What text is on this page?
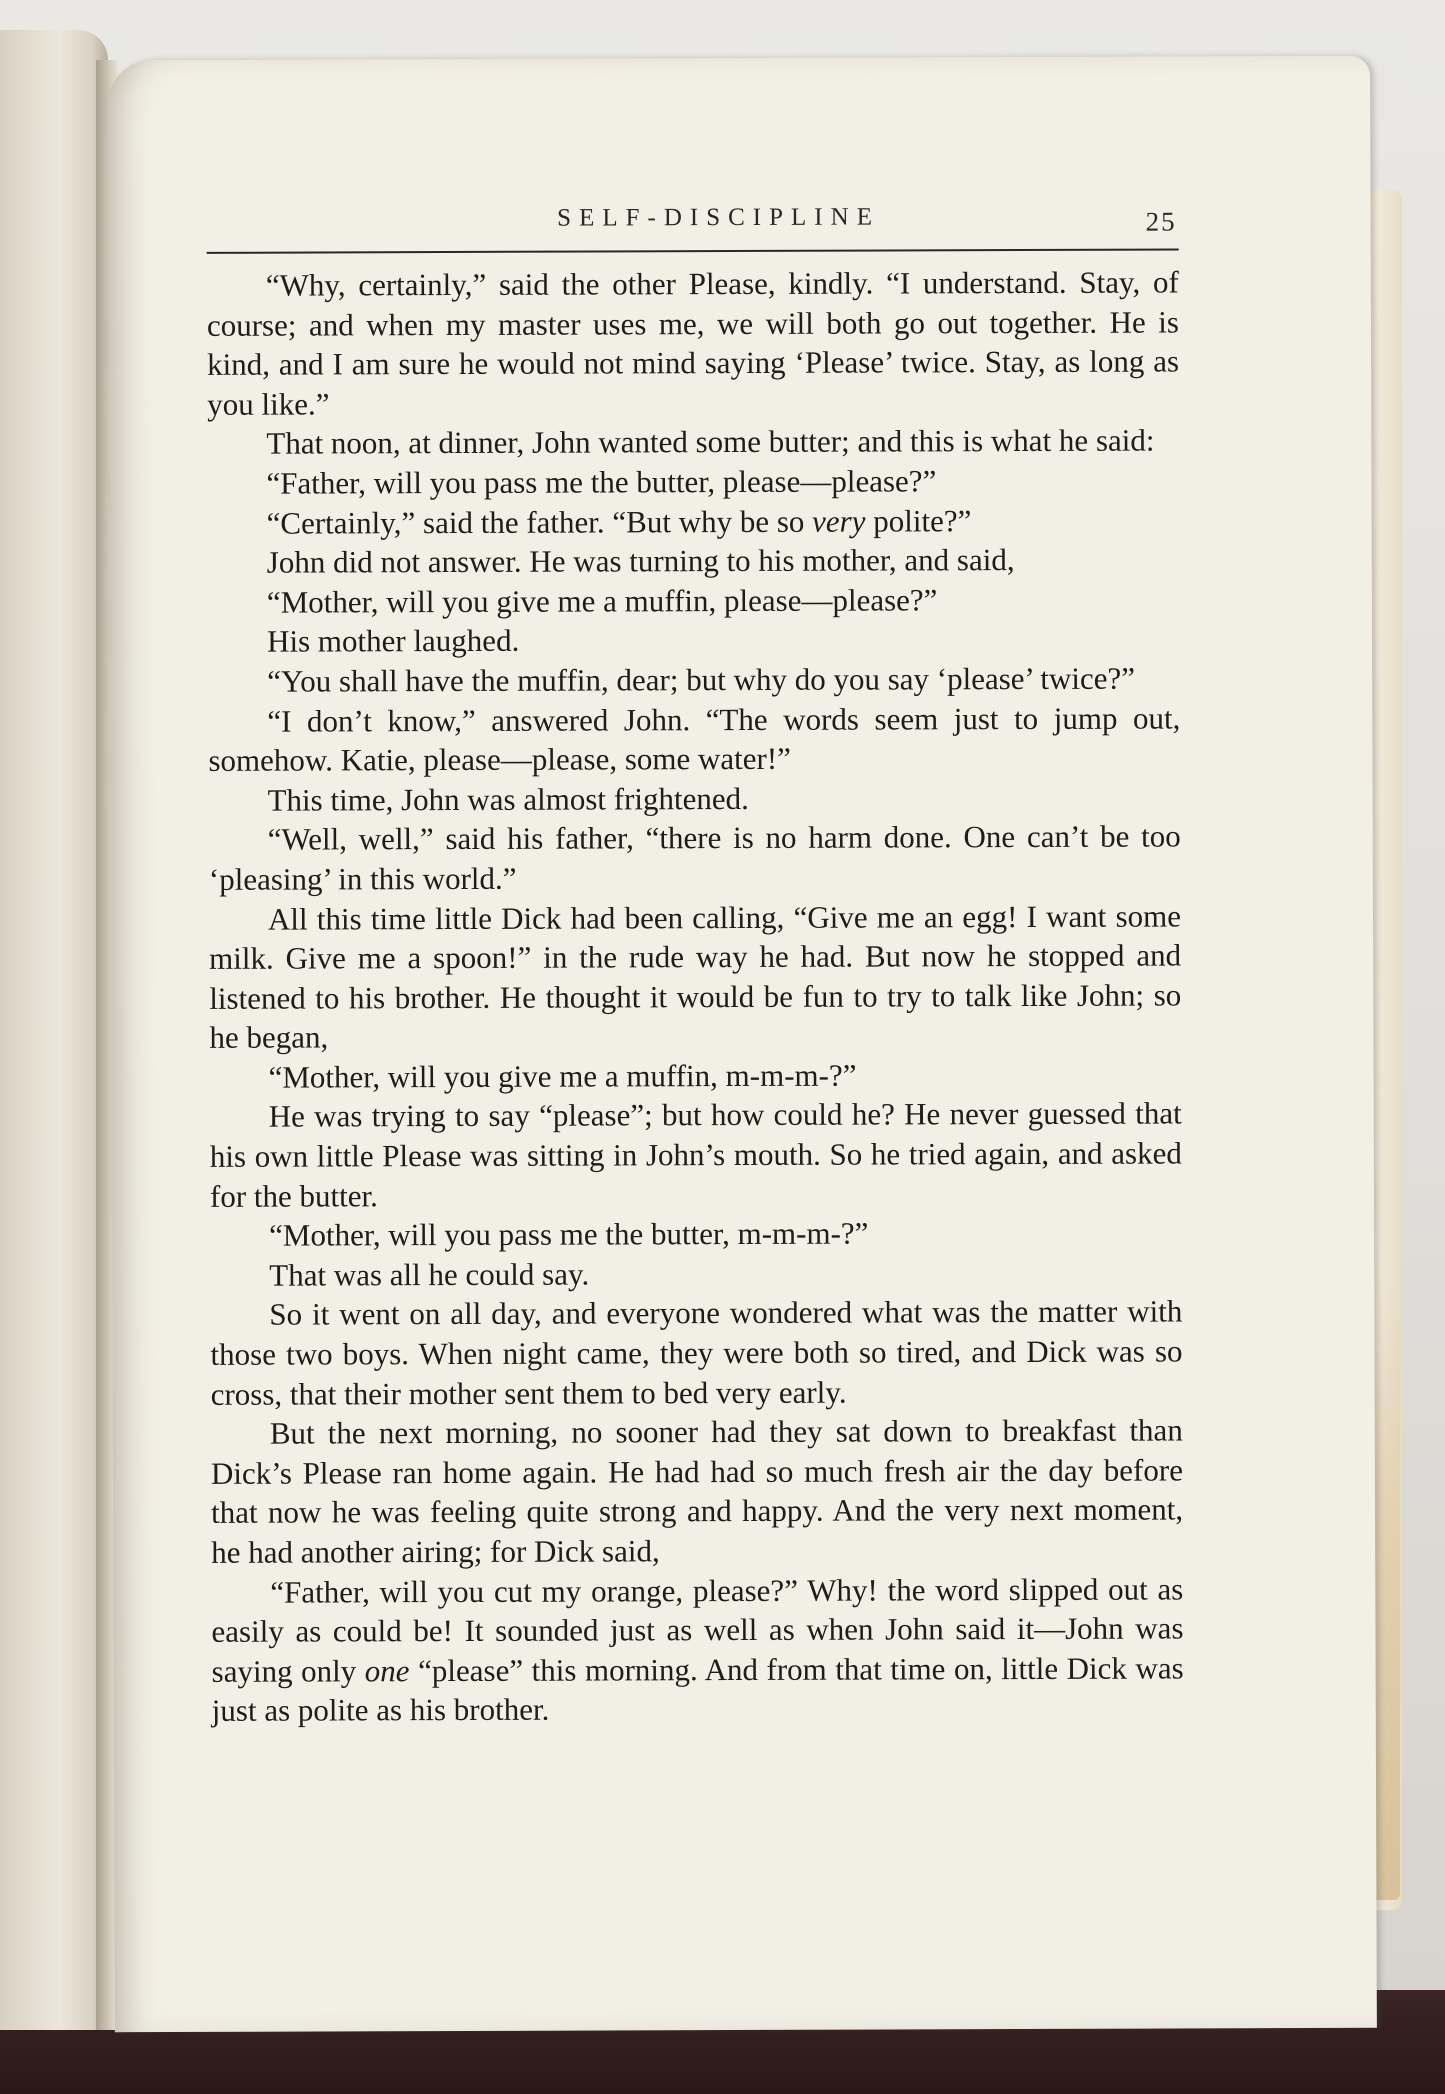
SELF-DISCIPLINE	25

“Why, certainly,” said the other Please, kindly. “I understand. Stay, of course; and when my master uses me, we will both go out together. He is kind, and I am sure he would not mind saying ‘Please’ twice. Stay, as long as you like.”

That noon, at dinner, John wanted some butter; and this is what he said:

“Father, will you pass me the butter, please—please?”

“Certainly,” said the father. “But why be so very polite?”

John did not answer. He was turning to his mother, and said,

“Mother, will you give me a muffin, please—please?”

His mother laughed.

“You shall have the muffin, dear; but why do you say ‘please’ twice?”

“I don’t know,” answered John. “The words seem just to jump out, somehow. Katie, please—please, some water!”

This time, John was almost frightened.

“Well, well,” said his father, “there is no harm done. One can’t be too ‘pleasing’ in this world.”

All this time little Dick had been calling, “Give me an egg! I want some milk. Give me a spoon!” in the rude way he had. But now he stopped and listened to his brother. He thought it would be fun to try to talk like John; so he began,

“Mother, will you give me a muffin, m-m-m-?”

He was trying to say “please”; but how could he? He never guessed that his own little Please was sitting in John’s mouth. So he tried again, and asked for the butter.

“Mother, will you pass me the butter, m-m-m-?”

That was all he could say.

So it went on all day, and everyone wondered what was the matter with those two boys. When night came, they were both so tired, and Dick was so cross, that their mother sent them to bed very early.

But the next morning, no sooner had they sat down to breakfast than Dick’s Please ran home again. He had had so much fresh air the day before that now he was feeling quite strong and happy. And the very next moment, he had another airing; for Dick said,

“Father, will you cut my orange, please?” Why! the word slipped out as easily as could be! It sounded just as well as when John said it—John was saying only one “please” this morning. And from that time on, little Dick was just as polite as his brother.
